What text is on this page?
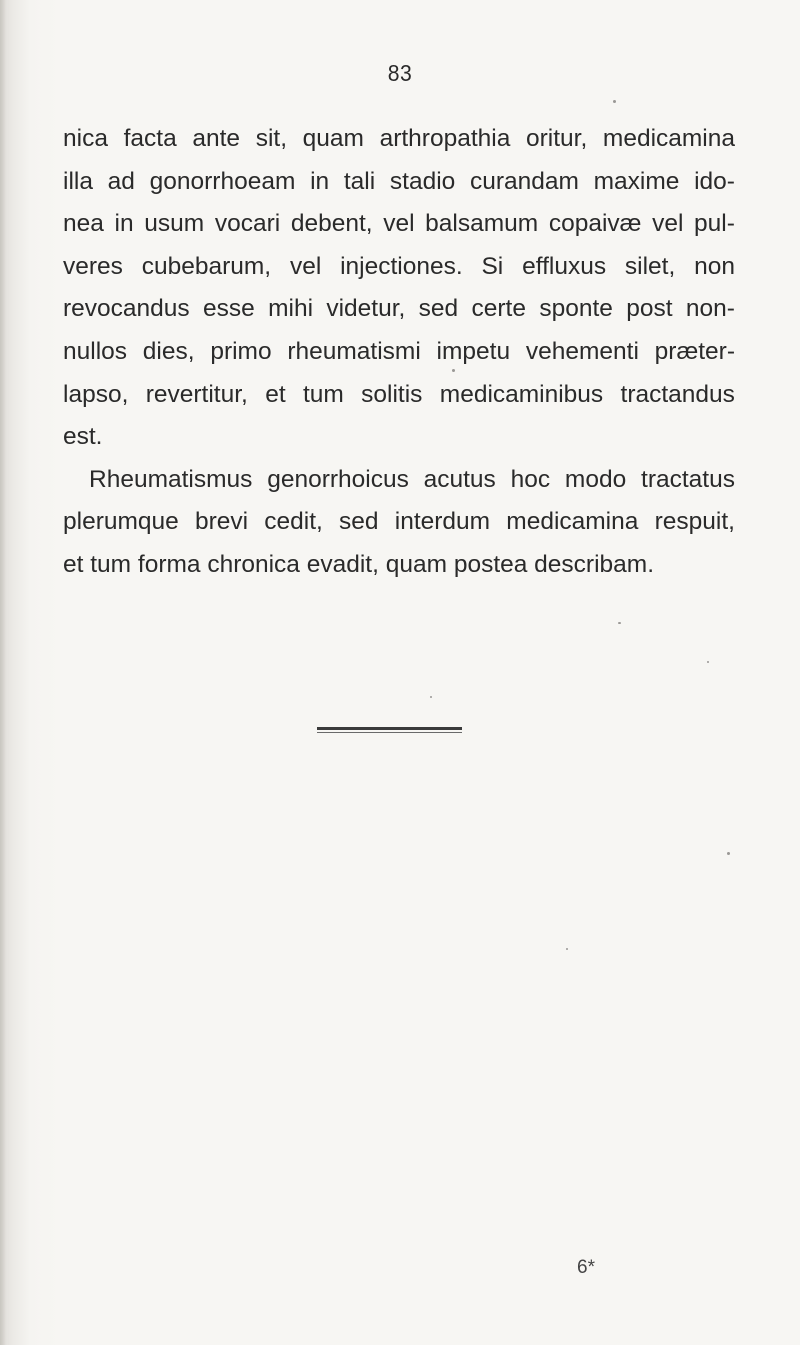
83
nica facta ante sit, quam arthropathia oritur, medicamina
illa ad gonorrhoeam in tali stadio curandam maxime ido-
nea in usum vocari debent, vel balsamum copaivæ vel pul-
veres cubebarum, vel injectiones. Si effluxus silet, non
revocandus esse mihi videtur, sed certe sponte post non-
nullos dies, primo rheumatismi impetu vehementi præter-
lapso, revertitur, et tum solitis medicaminibus tractandus
est.
Rheumatismus genorrhoicus acutus hoc modo tractatus
plerumque brevi cedit, sed interdum medicamina respuit,
et tum forma chronica evadit, quam postea describam.
6*
